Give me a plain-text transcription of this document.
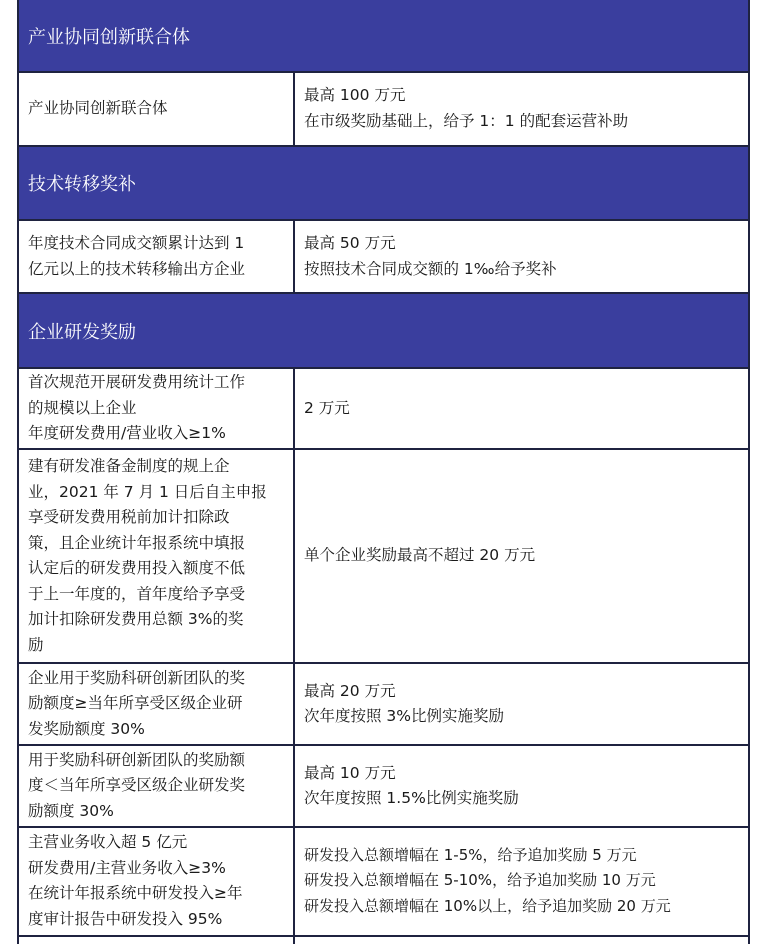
产业协同创新联合体
产业协同创新联合体
最高 100 万元
在市级奖励基础上，给予 1：1 的配套运营补助
技术转移奖补
年度技术合同成交额累计达到 1
亿元以上的技术转移输出方企业
最高 50 万元
按照技术合同成交额的 1‰给予奖补
企业研发奖励
首次规范开展研发费用统计工作
的规模以上企业
年度研发费用/营业收入≥1%
2 万元
建有研发准备金制度的规上企
业，2021 年 7 月 1 日后自主申报
享受研发费用税前加计扣除政
策，且企业统计年报系统中填报
认定后的研发费用投入额度不低
于上一年度的，首年度给予享受
加计扣除研发费用总额 3%的奖
励
单个企业奖励最高不超过 20 万元
企业用于奖励科研创新团队的奖
励额度≥当年所享受区级企业研
发奖励额度 30%
最高 20 万元
次年度按照 3%比例实施奖励
用于奖励科研创新团队的奖励额
度＜当年所享受区级企业研发奖
励额度 30%
最高 10 万元
次年度按照 1.5%比例实施奖励
主营业务收入超 5 亿元
研发费用/主营业务收入≥3%
在统计年报系统中研发投入≥年
度审计报告中研发投入 95%
研发投入总额增幅在 1-5%，给予追加奖励 5 万元
研发投入总额增幅在 5-10%，给予追加奖励 10 万元
研发投入总额增幅在 10%以上，给予追加奖励 20 万元
